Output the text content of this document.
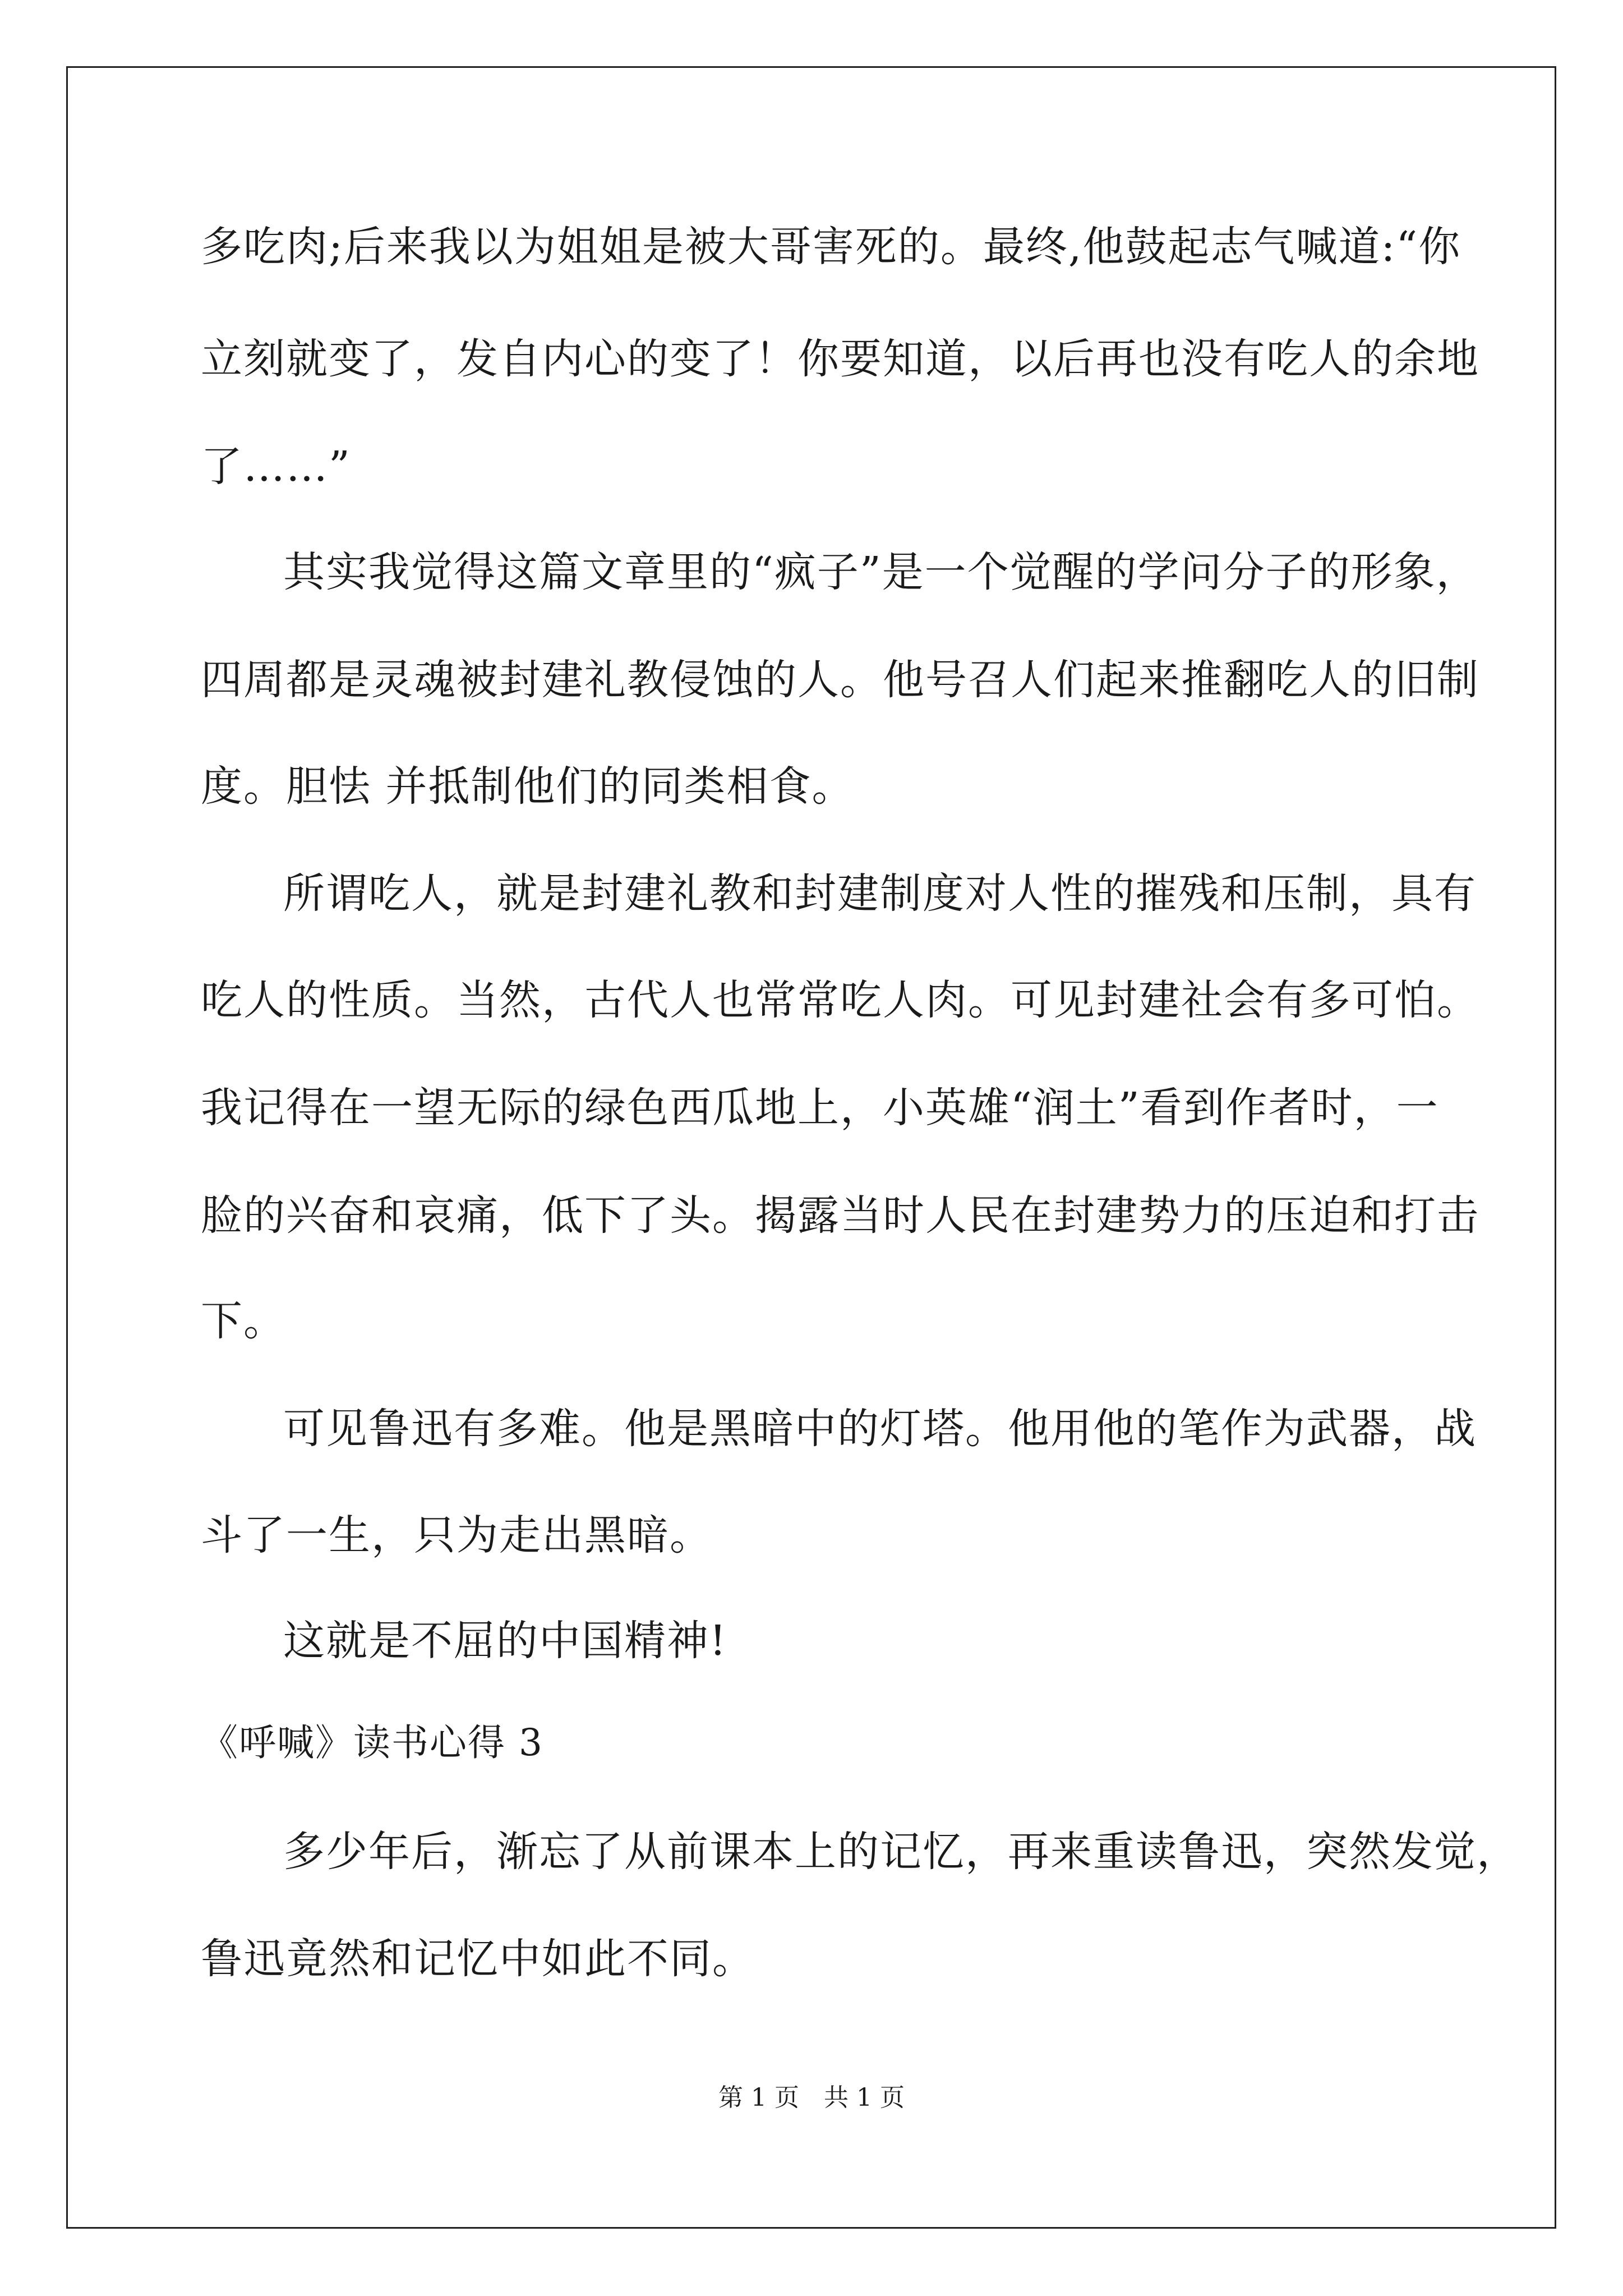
多吃肉;后来我以为姐姐是被大哥害死的。最终,他鼓起志气喊道:“你
立刻就变了，发自内心的变了！你要知道，以后再也没有吃人的余地
了……”
其实我觉得这篇文章里的“疯子”是一个觉醒的学问分子的形象，
四周都是灵魂被封建礼教侵蚀的人。他号召人们起来推翻吃人的旧制
度。胆怯 并抵制他们的同类相食。
所谓吃人，就是封建礼教和封建制度对人性的摧残和压制，具有
吃人的性质。当然，古代人也常常吃人肉。可见封建社会有多可怕。
我记得在一望无际的绿色西瓜地上，小英雄“润土”看到作者时，一
脸的兴奋和哀痛，低下了头。揭露当时人民在封建势力的压迫和打击
下。
可见鲁迅有多难。他是黑暗中的灯塔。他用他的笔作为武器，战
斗了一生，只为走出黑暗。
这就是不屈的中国精神!
《呼喊》读书心得 3
多少年后，渐忘了从前课本上的记忆，再来重读鲁迅，突然发觉，
鲁迅竟然和记忆中如此不同。
第 1 页　共 1 页
